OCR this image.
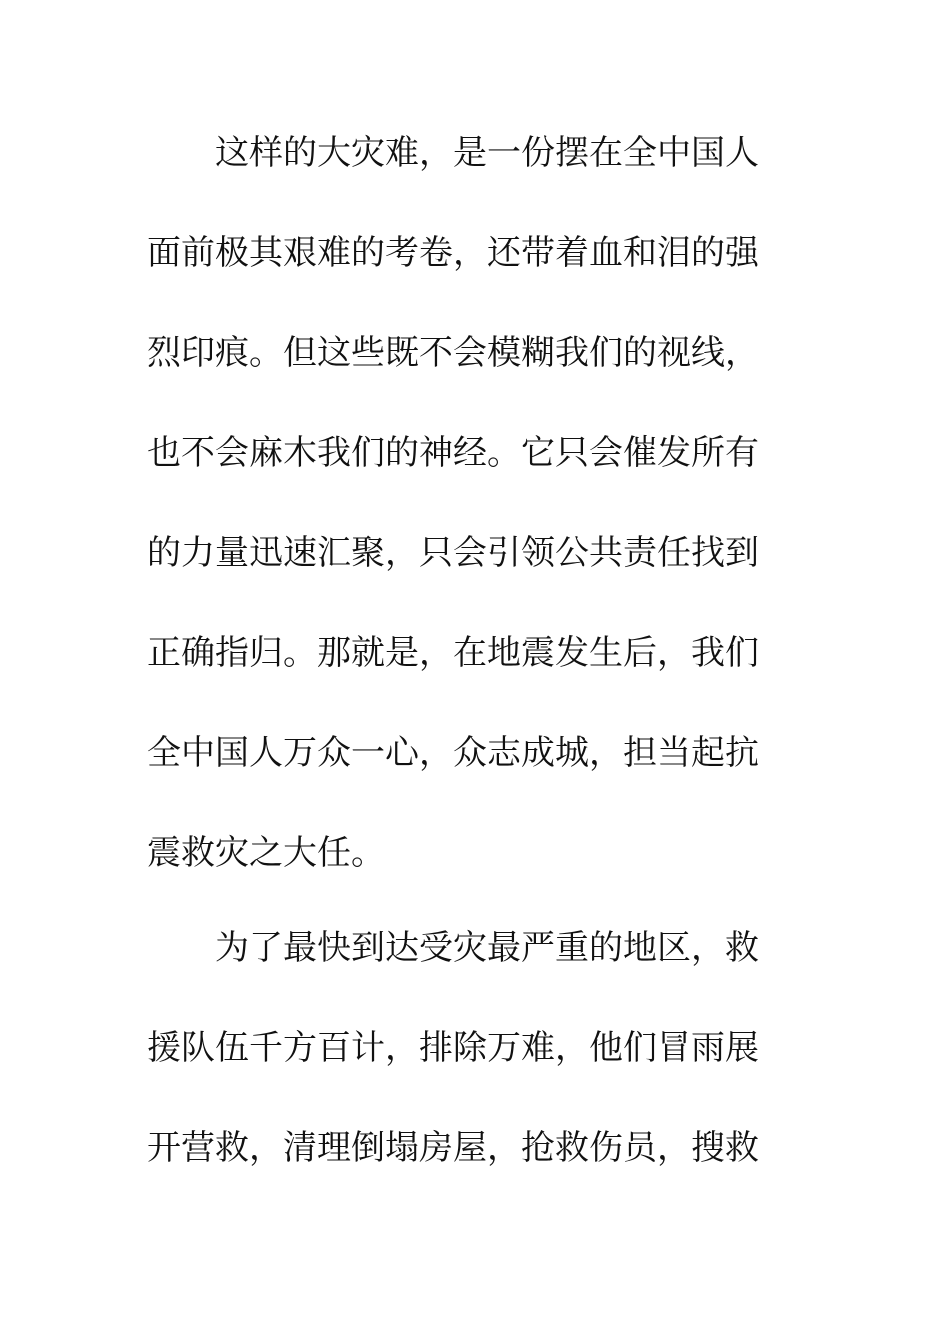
这样的大灾难，是一份摆在全中国人
面前极其艰难的考卷，还带着血和泪的强
烈印痕。但这些既不会模糊我们的视线，
也不会麻木我们的神经。它只会催发所有
的力量迅速汇聚，只会引领公共责任找到
正确指归。那就是，在地震发生后，我们
全中国人万众一心，众志成城，担当起抗
震救灾之大任。
为了最快到达受灾最严重的地区，救
援队伍千方百计，排除万难，他们冒雨展
开营救，清理倒塌房屋，抢救伤员，搜救
